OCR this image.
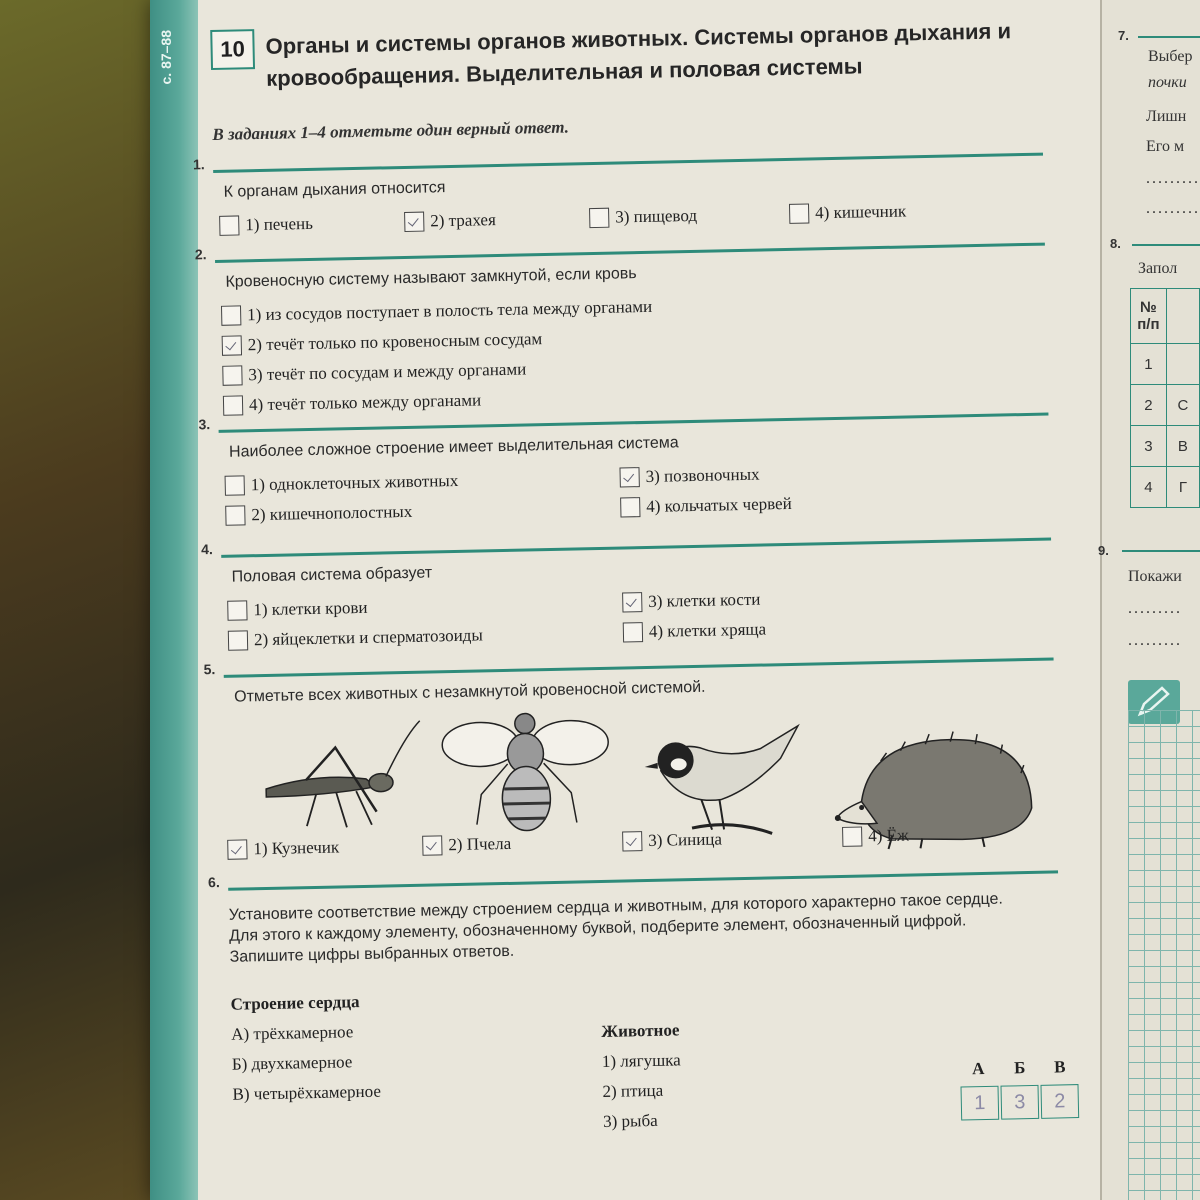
с. 87–88	7.
Выбер
почки
Лишн
Его м
.........
.........
8.
Запол
№ п/п	
1	
2	С
3	В
4	Г
9.
Покажи
.........
.........
10 Органы и системы органов животных. Системы органов дыхания и кровообращения. Выделительная и половая системы
В заданиях 1–4 отметьте один верный ответ.
1.
К органам дыхания относится
1) печень	2) трахея	3) пищевод	4) кишечник
2.
Кровеносную систему называют замкнутой, если кровь
1) из сосудов поступает в полость тела между органами
2) течёт только по кровеносным сосудам
3) течёт по сосудам и между органами
4) течёт только между органами
3.
Наиболее сложное строение имеет выделительная система
1) одноклеточных животных
2) кишечнополостных
3) позвоночных
4) кольчатых червей
4.
Половая система образует
1) клетки крови
2) яйцеклетки и сперматозоиды
3) клетки кости
4) клетки хряща
5.
Отметьте всех животных с незамкнутой кровеносной системой.
1) Кузнечик	2) Пчела	3) Синица	4) Ёж
6.
Установите соответствие между строением сердца и животным, для которого характерно такое сердце. Для этого к каждому элементу, обозначенному буквой, подберите элемент, обозначенный цифрой. Запишите цифры выбранных ответов.
Строение сердца
А) трёхкамерное
Б) двухкамерное
В) четырёхкамерное
Животное
1) лягушка
2) птица
3) рыба
А Б В
1	3	2
